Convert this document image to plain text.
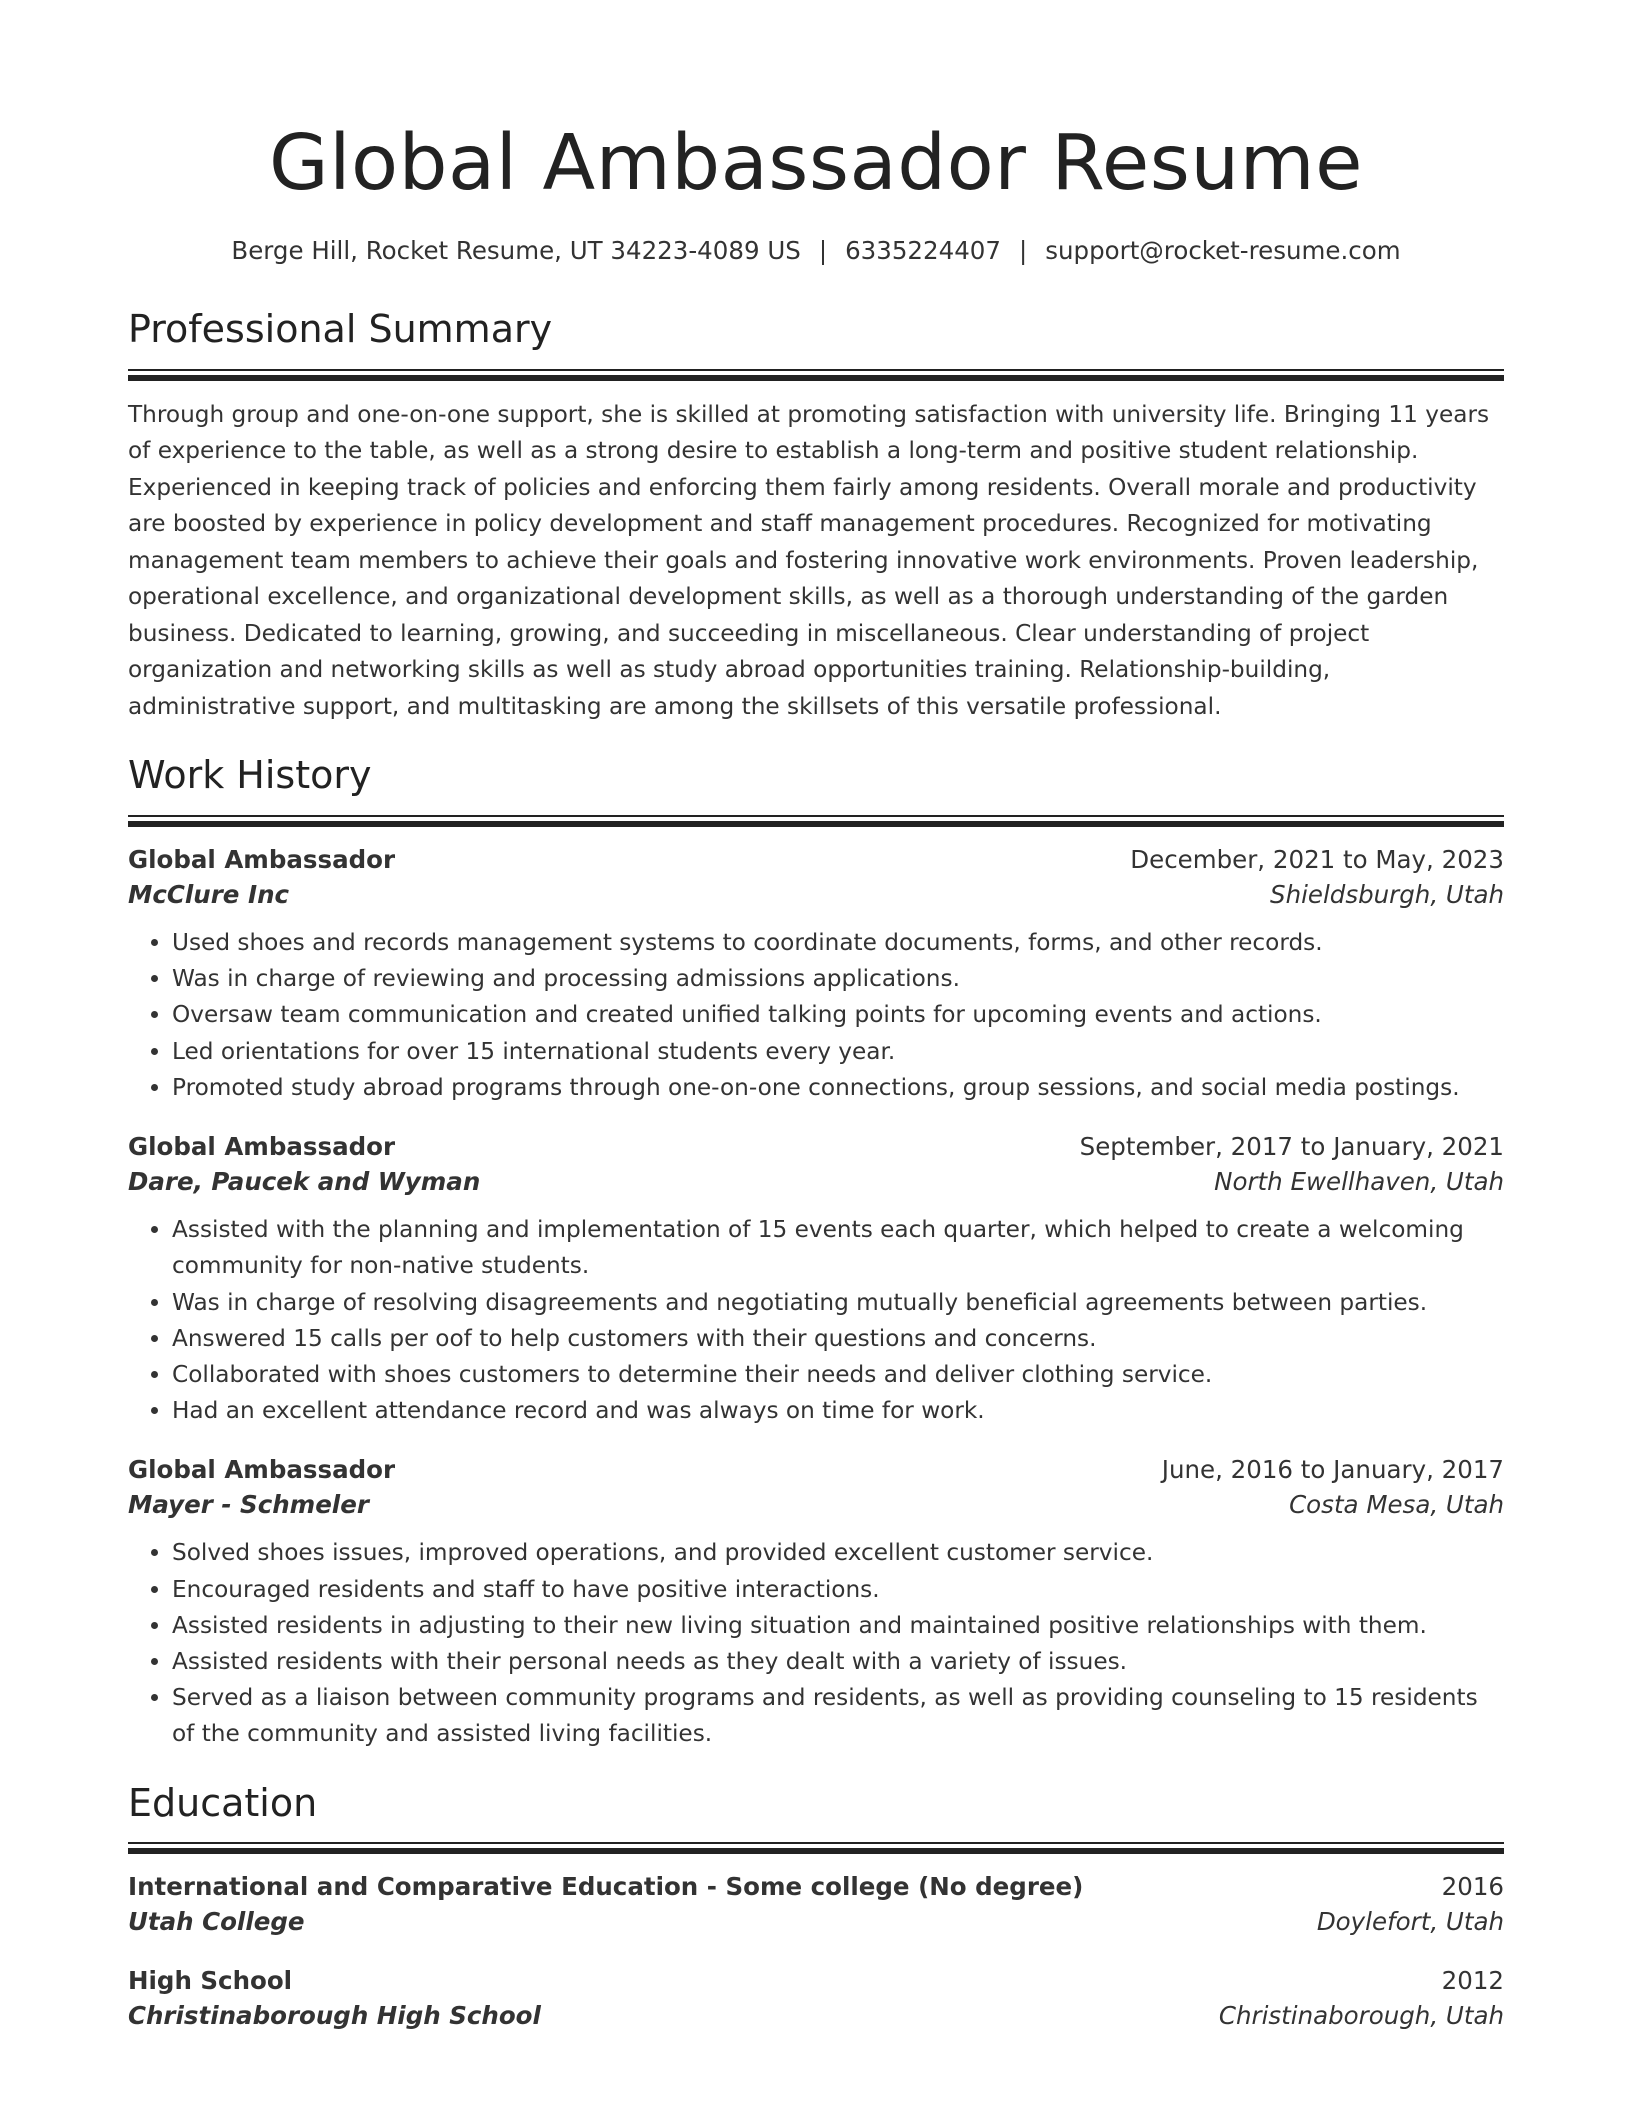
Global Ambassador Resume
Berge Hill, Rocket Resume, UT 34223-4089 US | 6335224407 | support@rocket-resume.com
Professional Summary
Through group and one-on-one support, she is skilled at promoting satisfaction with university life. Bringing 11 years of experience to the table, as well as a strong desire to establish a long-term and positive student relationship. Experienced in keeping track of policies and enforcing them fairly among residents. Overall morale and productivity are boosted by experience in policy development and staff management procedures. Recognized for motivating management team members to achieve their goals and fostering innovative work environments. Proven leadership, operational excellence, and organizational development skills, as well as a thorough understanding of the garden business. Dedicated to learning, growing, and succeeding in miscellaneous. Clear understanding of project organization and networking skills as well as study abroad opportunities training. Relationship-building, administrative support, and multitasking are among the skillsets of this versatile professional.
Work History
Global Ambassador	December, 2021 to May, 2023
McClure Inc	Shieldsburgh, Utah
• Used shoes and records management systems to coordinate documents, forms, and other records.
• Was in charge of reviewing and processing admissions applications.
• Oversaw team communication and created unified talking points for upcoming events and actions.
• Led orientations for over 15 international students every year.
• Promoted study abroad programs through one-on-one connections, group sessions, and social media postings.
Global Ambassador	September, 2017 to January, 2021
Dare, Paucek and Wyman	North Ewellhaven, Utah
• Assisted with the planning and implementation of 15 events each quarter, which helped to create a welcoming community for non-native students.
• Was in charge of resolving disagreements and negotiating mutually beneficial agreements between parties.
• Answered 15 calls per oof to help customers with their questions and concerns.
• Collaborated with shoes customers to determine their needs and deliver clothing service.
• Had an excellent attendance record and was always on time for work.
Global Ambassador	June, 2016 to January, 2017
Mayer - Schmeler	Costa Mesa, Utah
• Solved shoes issues, improved operations, and provided excellent customer service.
• Encouraged residents and staff to have positive interactions.
• Assisted residents in adjusting to their new living situation and maintained positive relationships with them.
• Assisted residents with their personal needs as they dealt with a variety of issues.
• Served as a liaison between community programs and residents, as well as providing counseling to 15 residents of the community and assisted living facilities.
Education
International and Comparative Education - Some college (No degree)	2016
Utah College	Doylefort, Utah
High School	2012
Christinaborough High School	Christinaborough, Utah
